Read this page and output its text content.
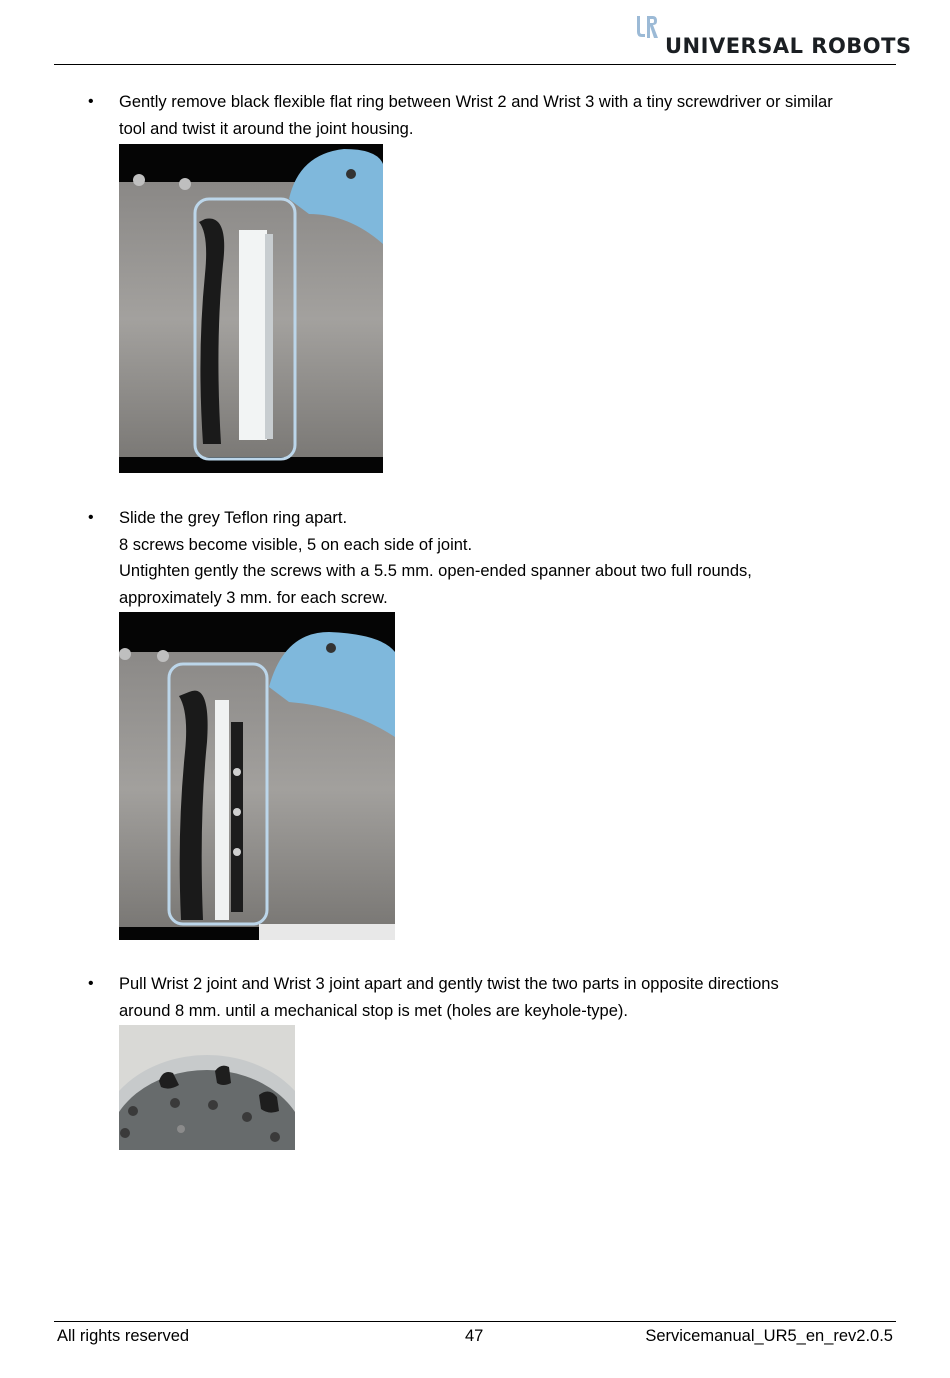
UNIVERSAL ROBOTS
• Gently remove black flexible flat ring between Wrist 2 and Wrist 3 with a tiny screwdriver or similar
tool and twist it around the joint housing.
• Slide the grey Teflon ring apart.
8 screws become visible, 5 on each side of joint.
Untighten gently the screws with a 5.5 mm. open-ended spanner about two full rounds,
approximately 3 mm. for each screw.
• Pull Wrist 2 joint and Wrist 3 joint apart and gently twist the two parts in opposite directions
around 8 mm. until a mechanical stop is met (holes are keyhole-type).
All rights reserved	47	Servicemanual_UR5_en_rev2.0.5
